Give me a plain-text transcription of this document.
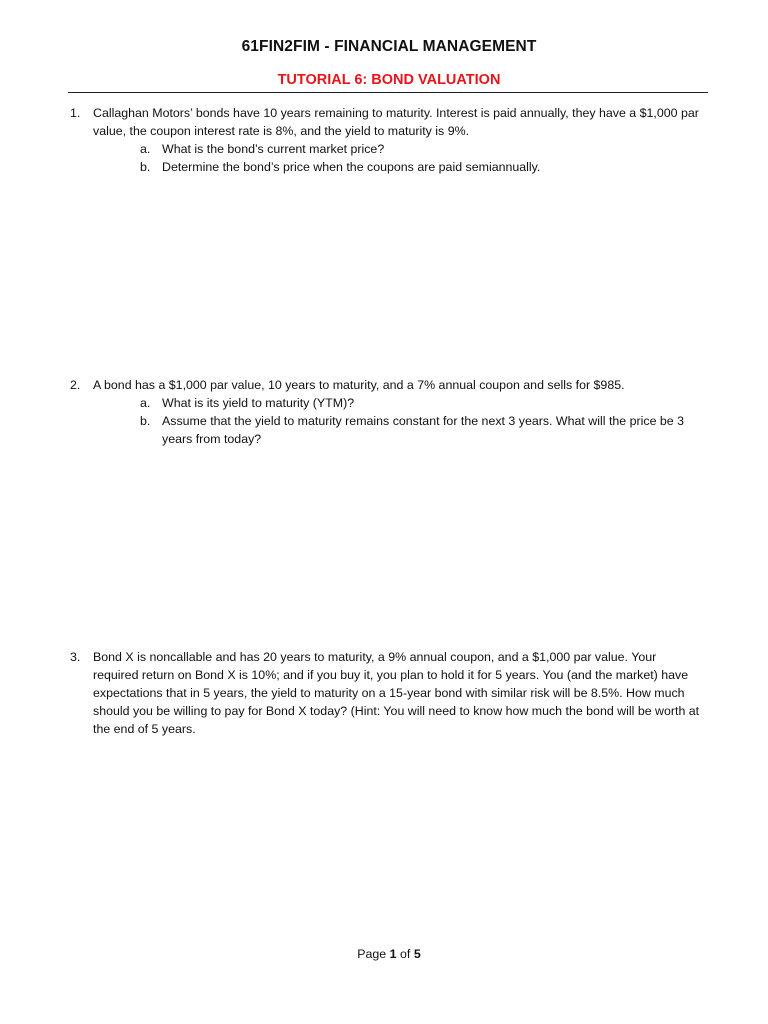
61FIN2FIM - FINANCIAL MANAGEMENT
TUTORIAL 6: BOND VALUATION
1. Callaghan Motors’ bonds have 10 years remaining to maturity. Interest is paid annually, they have a $1,000 par value, the coupon interest rate is 8%, and the yield to maturity is 9%.
a. What is the bond’s current market price?
b. Determine the bond’s price when the coupons are paid semiannually.
2. A bond has a $1,000 par value, 10 years to maturity, and a 7% annual coupon and sells for $985.
a. What is its yield to maturity (YTM)?
b. Assume that the yield to maturity remains constant for the next 3 years. What will the price be 3 years from today?
3. Bond X is noncallable and has 20 years to maturity, a 9% annual coupon, and a $1,000 par value. Your required return on Bond X is 10%; and if you buy it, you plan to hold it for 5 years. You (and the market) have expectations that in 5 years, the yield to maturity on a 15-year bond with similar risk will be 8.5%. How much should you be willing to pay for Bond X today? (Hint: You will need to know how much the bond will be worth at the end of 5 years.
Page 1 of 5
